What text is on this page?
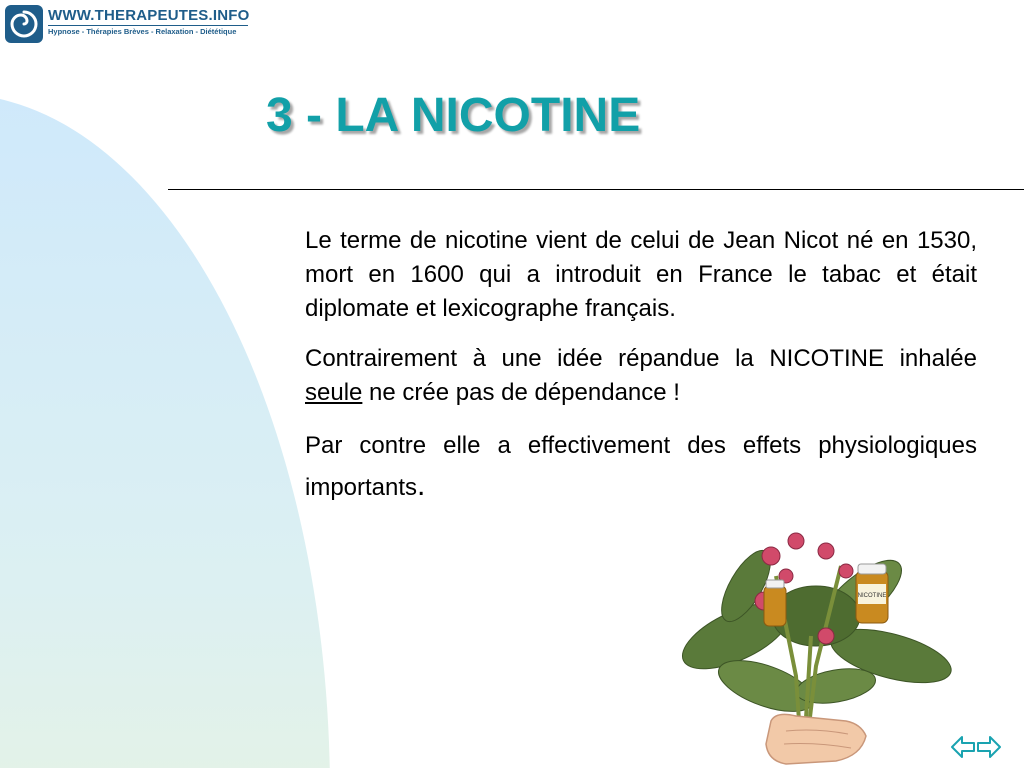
WWW.THERAPEUTES.INFO
Hypnose - Thérapies Brèves - Relaxation - Diététique
3 - LA NICOTINE

Le terme de nicotine vient de celui de Jean Nicot né en 1530, mort en 1600 qui a introduit en France le tabac et était diplomate et lexicographe français.

Contrairement à une idée répandue la NICOTINE inhalée seule ne crée pas de dépendance !

Par contre elle a effectivement des effets physiologiques importants.

NICOTINE
